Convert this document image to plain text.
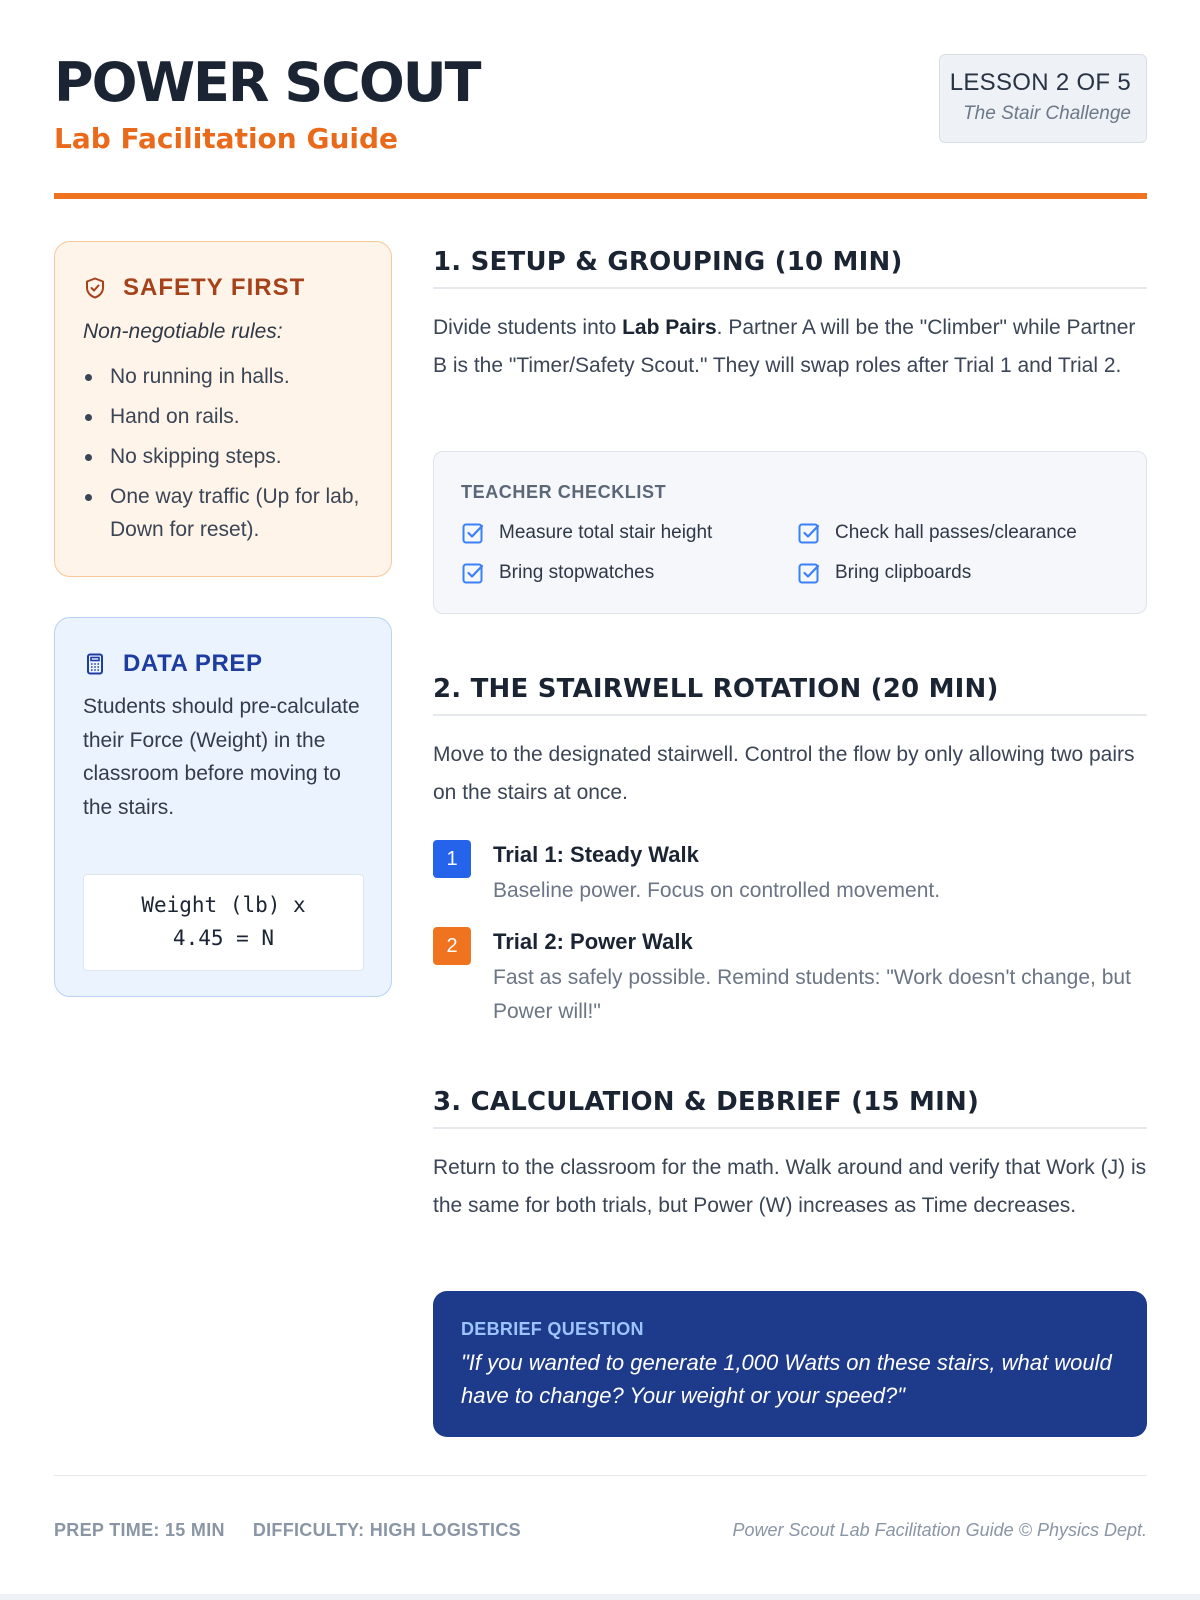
POWER SCOUT
Lab Facilitation Guide
LESSON 2 OF 5
The Stair Challenge
SAFETY FIRST
Non-negotiable rules:
No running in halls.
Hand on rails.
No skipping steps.
One way traffic (Up for lab, Down for reset).
DATA PREP
Students should pre-calculate their Force (Weight) in the classroom before moving to the stairs.
Weight (lb) x
4.45 = N
1. SETUP & GROUPING (10 MIN)

Divide students into Lab Pairs. Partner A will be the "Climber" while Partner B is the "Timer/Safety Scout." They will swap roles after Trial 1 and Trial 2.

TEACHER CHECKLIST
Measure total stair height	Check hall passes/clearance
Bring stopwatches	Bring clipboards
2. THE STAIRWELL ROTATION (20 MIN)

Move to the designated stairwell. Control the flow by only allowing two pairs on the stairs at once.

1	Trial 1: Steady Walk
Baseline power. Focus on controlled movement.
2	Trial 2: Power Walk
Fast as safely possible. Remind students: "Work doesn't change, but Power will!"
3. CALCULATION & DEBRIEF (15 MIN)

Return to the classroom for the math. Walk around and verify that Work (J) is the same for both trials, but Power (W) increases as Time decreases.

DEBRIEF QUESTION
"If you wanted to generate 1,000 Watts on these stairs, what would have to change? Your weight or your speed?"
PREP TIME: 15 MIN DIFFICULTY: HIGH LOGISTICS	Power Scout Lab Facilitation Guide © Physics Dept.
